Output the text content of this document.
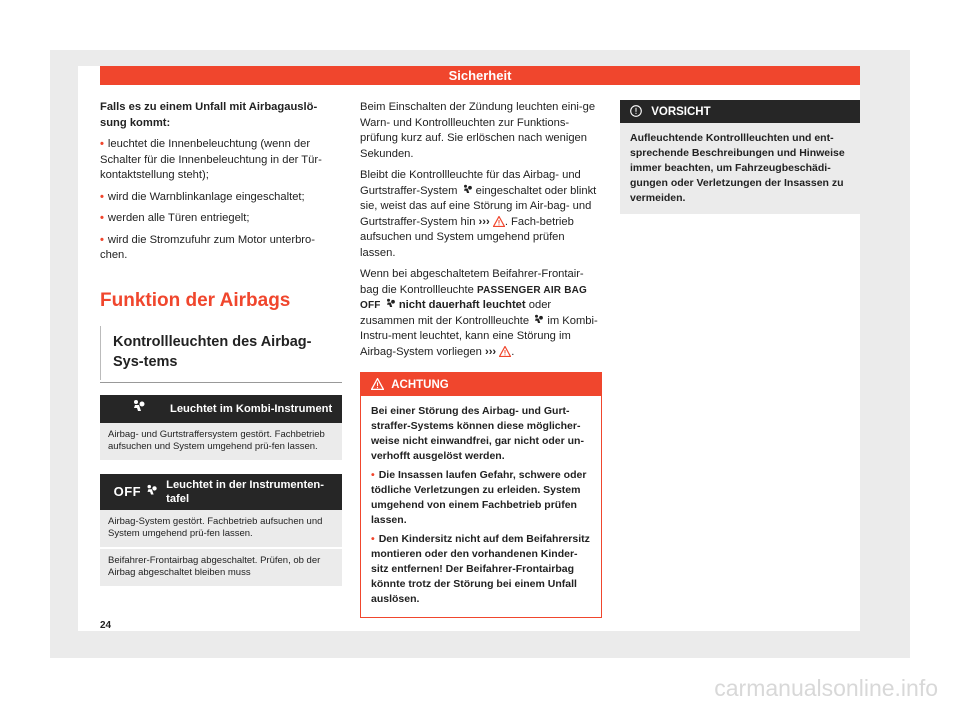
Sicherheit

Falls es zu einem Unfall mit Airbagauslö-sung kommt:

• leuchtet die Innenbeleuchtung (wenn der Schalter für die Innenbeleuchtung in der Tür-kontaktstellung steht);

• wird die Warnblinkanlage eingeschaltet;

• werden alle Türen entriegelt;

• wird die Stromzufuhr zum Motor unterbro-chen.

Funktion der Airbags
Kontrollleuchten des Airbag-Sys-tems
Leuchtet im Kombi-Instrument
Airbag- und Gurtstraffersystem gestört. Fachbetrieb aufsuchen und System umgehend prü-fen lassen.
OFF	Leuchtet in der Instrumenten-tafel
Airbag-System gestört. Fachbetrieb aufsuchen und System umgehend prü-fen lassen.
Beifahrer-Frontairbag abgeschaltet. Prüfen, ob der Airbag abgeschaltet bleiben muss

Beim Einschalten der Zündung leuchten eini-ge Warn- und Kontrollleuchten zur Funktions-prüfung kurz auf. Sie erlöschen nach wenigen Sekunden.

Bleibt die Kontrollleuchte für das Airbag- und Gurtstraffer-System eingeschaltet oder blinkt sie, weist das auf eine Störung im Air-bag- und Gurtstraffer-System hin ››› . Fach-betrieb aufsuchen und System umgehend prüfen lassen.

Wenn bei abgeschaltetem Beifahrer-Frontair-bag die Kontrollleuchte PASSENGER AIR BAG OFF nicht dauerhaft leuchtet oder zusammen mit der Kontrollleuchte im Kombi-Instru-ment leuchtet, kann eine Störung im Airbag-System vorliegen ››› .

ACHTUNG

Bei einer Störung des Airbag- und Gurt-straffer-Systems können diese möglicher-weise nicht einwandfrei, gar nicht oder un-verhofft ausgelöst werden.

• Die Insassen laufen Gefahr, schwere oder tödliche Verletzungen zu erleiden. System umgehend von einem Fachbetrieb prüfen lassen.

• Den Kindersitz nicht auf dem Beifahrersitz montieren oder den vorhandenen Kinder-sitz entfernen! Der Beifahrer-Frontairbag könnte trotz der Störung bei einem Unfall auslösen.

VORSICHT
Aufleuchtende Kontrollleuchten und ent-sprechende Beschreibungen und Hinweise immer beachten, um Fahrzeugbeschädi-gungen oder Verletzungen der Insassen zu vermeiden.
24
carmanualsonline.info
